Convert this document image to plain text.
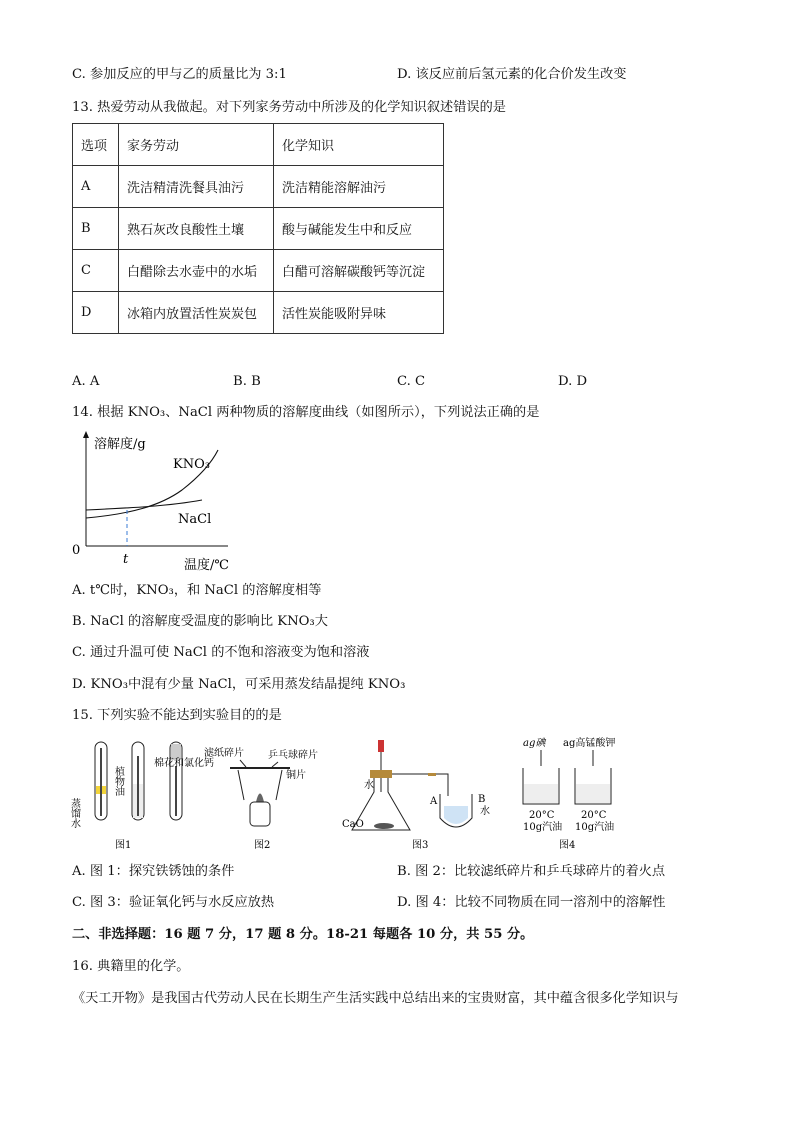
C. 参加反应的甲与乙的质量比为 3:1	D. 该反应前后氢元素的化合价发生改变
13. 热爱劳动从我做起。对下列家务劳动中所涉及的化学知识叙述错误的是
选项	家务劳动	化学知识
A	洗洁精清洗餐具油污	洗洁精能溶解油污
B	熟石灰改良酸性土壤	酸与碱能发生中和反应
C	白醋除去水壶中的水垢	白醋可溶解碳酸钙等沉淀
D	冰箱内放置活性炭炭包	活性炭能吸附异味
A. A	B. B	C. C	D. D
14. 根据 KNO₃、NaCl 两种物质的溶解度曲线（如图所示），下列说法正确的是
溶解度/g
KNO₃
NaCl
0
t	温度/℃
A. t℃时，KNO₃，和 NaCl 的溶解度相等
B. NaCl 的溶解度受温度的影响比 KNO₃大
C. 通过升温可使 NaCl 的不饱和溶液变为饱和溶液
D. KNO₃中混有少量 NaCl，可采用蒸发结晶提纯 KNO₃
15. 下列实验不能达到实验目的的是
蒸馏水
植物油
棉花和氯化钙
图1
滤纸碎片 乒乓球碎片
铜片
图2
水
CaO
A	B
水
图3
ag碘 ag高锰酸钾
20°C
10g汽油
20°C
10g汽油
图4
A. 图 1：探究铁锈蚀的条件	B. 图 2：比较滤纸碎片和乒乓球碎片的着火点
C. 图 3：验证氧化钙与水反应放热	D. 图 4：比较不同物质在同一溶剂中的溶解性
二、非选择题：16 题 7 分，17 题 8 分。18-21 每题各 10 分，共 55 分。
16. 典籍里的化学。
《天工开物》是我国古代劳动人民在长期生产生活实践中总结出来的宝贵财富，其中蕴含很多化学知识与
